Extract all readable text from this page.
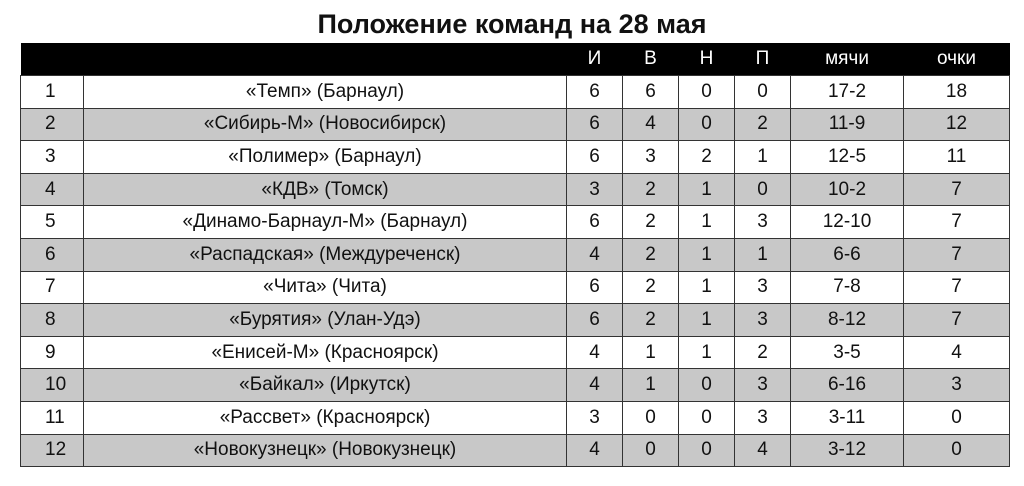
Положение команд на 28 мая
		И	В	Н	П	мячи	очки
1	«Темп» (Барнаул)	6	6	0	0	17-2	18
2	«Сибирь-М» (Новосибирск)	6	4	0	2	11-9	12
3	«Полимер» (Барнаул)	6	3	2	1	12-5	11
4	«КДВ» (Томск)	3	2	1	0	10-2	7
5	«Динамо-Барнаул-М» (Барнаул)	6	2	1	3	12-10	7
6	«Распадская» (Междуреченск)	4	2	1	1	6-6	7
7	«Чита» (Чита)	6	2	1	3	7-8	7
8	«Бурятия» (Улан-Удэ)	6	2	1	3	8-12	7
9	«Енисей-М» (Красноярск)	4	1	1	2	3-5	4
10	«Байкал» (Иркутск)	4	1	0	3	6-16	3
11	«Рассвет» (Красноярск)	3	0	0	3	3-11	0
12	«Новокузнецк» (Новокузнецк)	4	0	0	4	3-12	0
